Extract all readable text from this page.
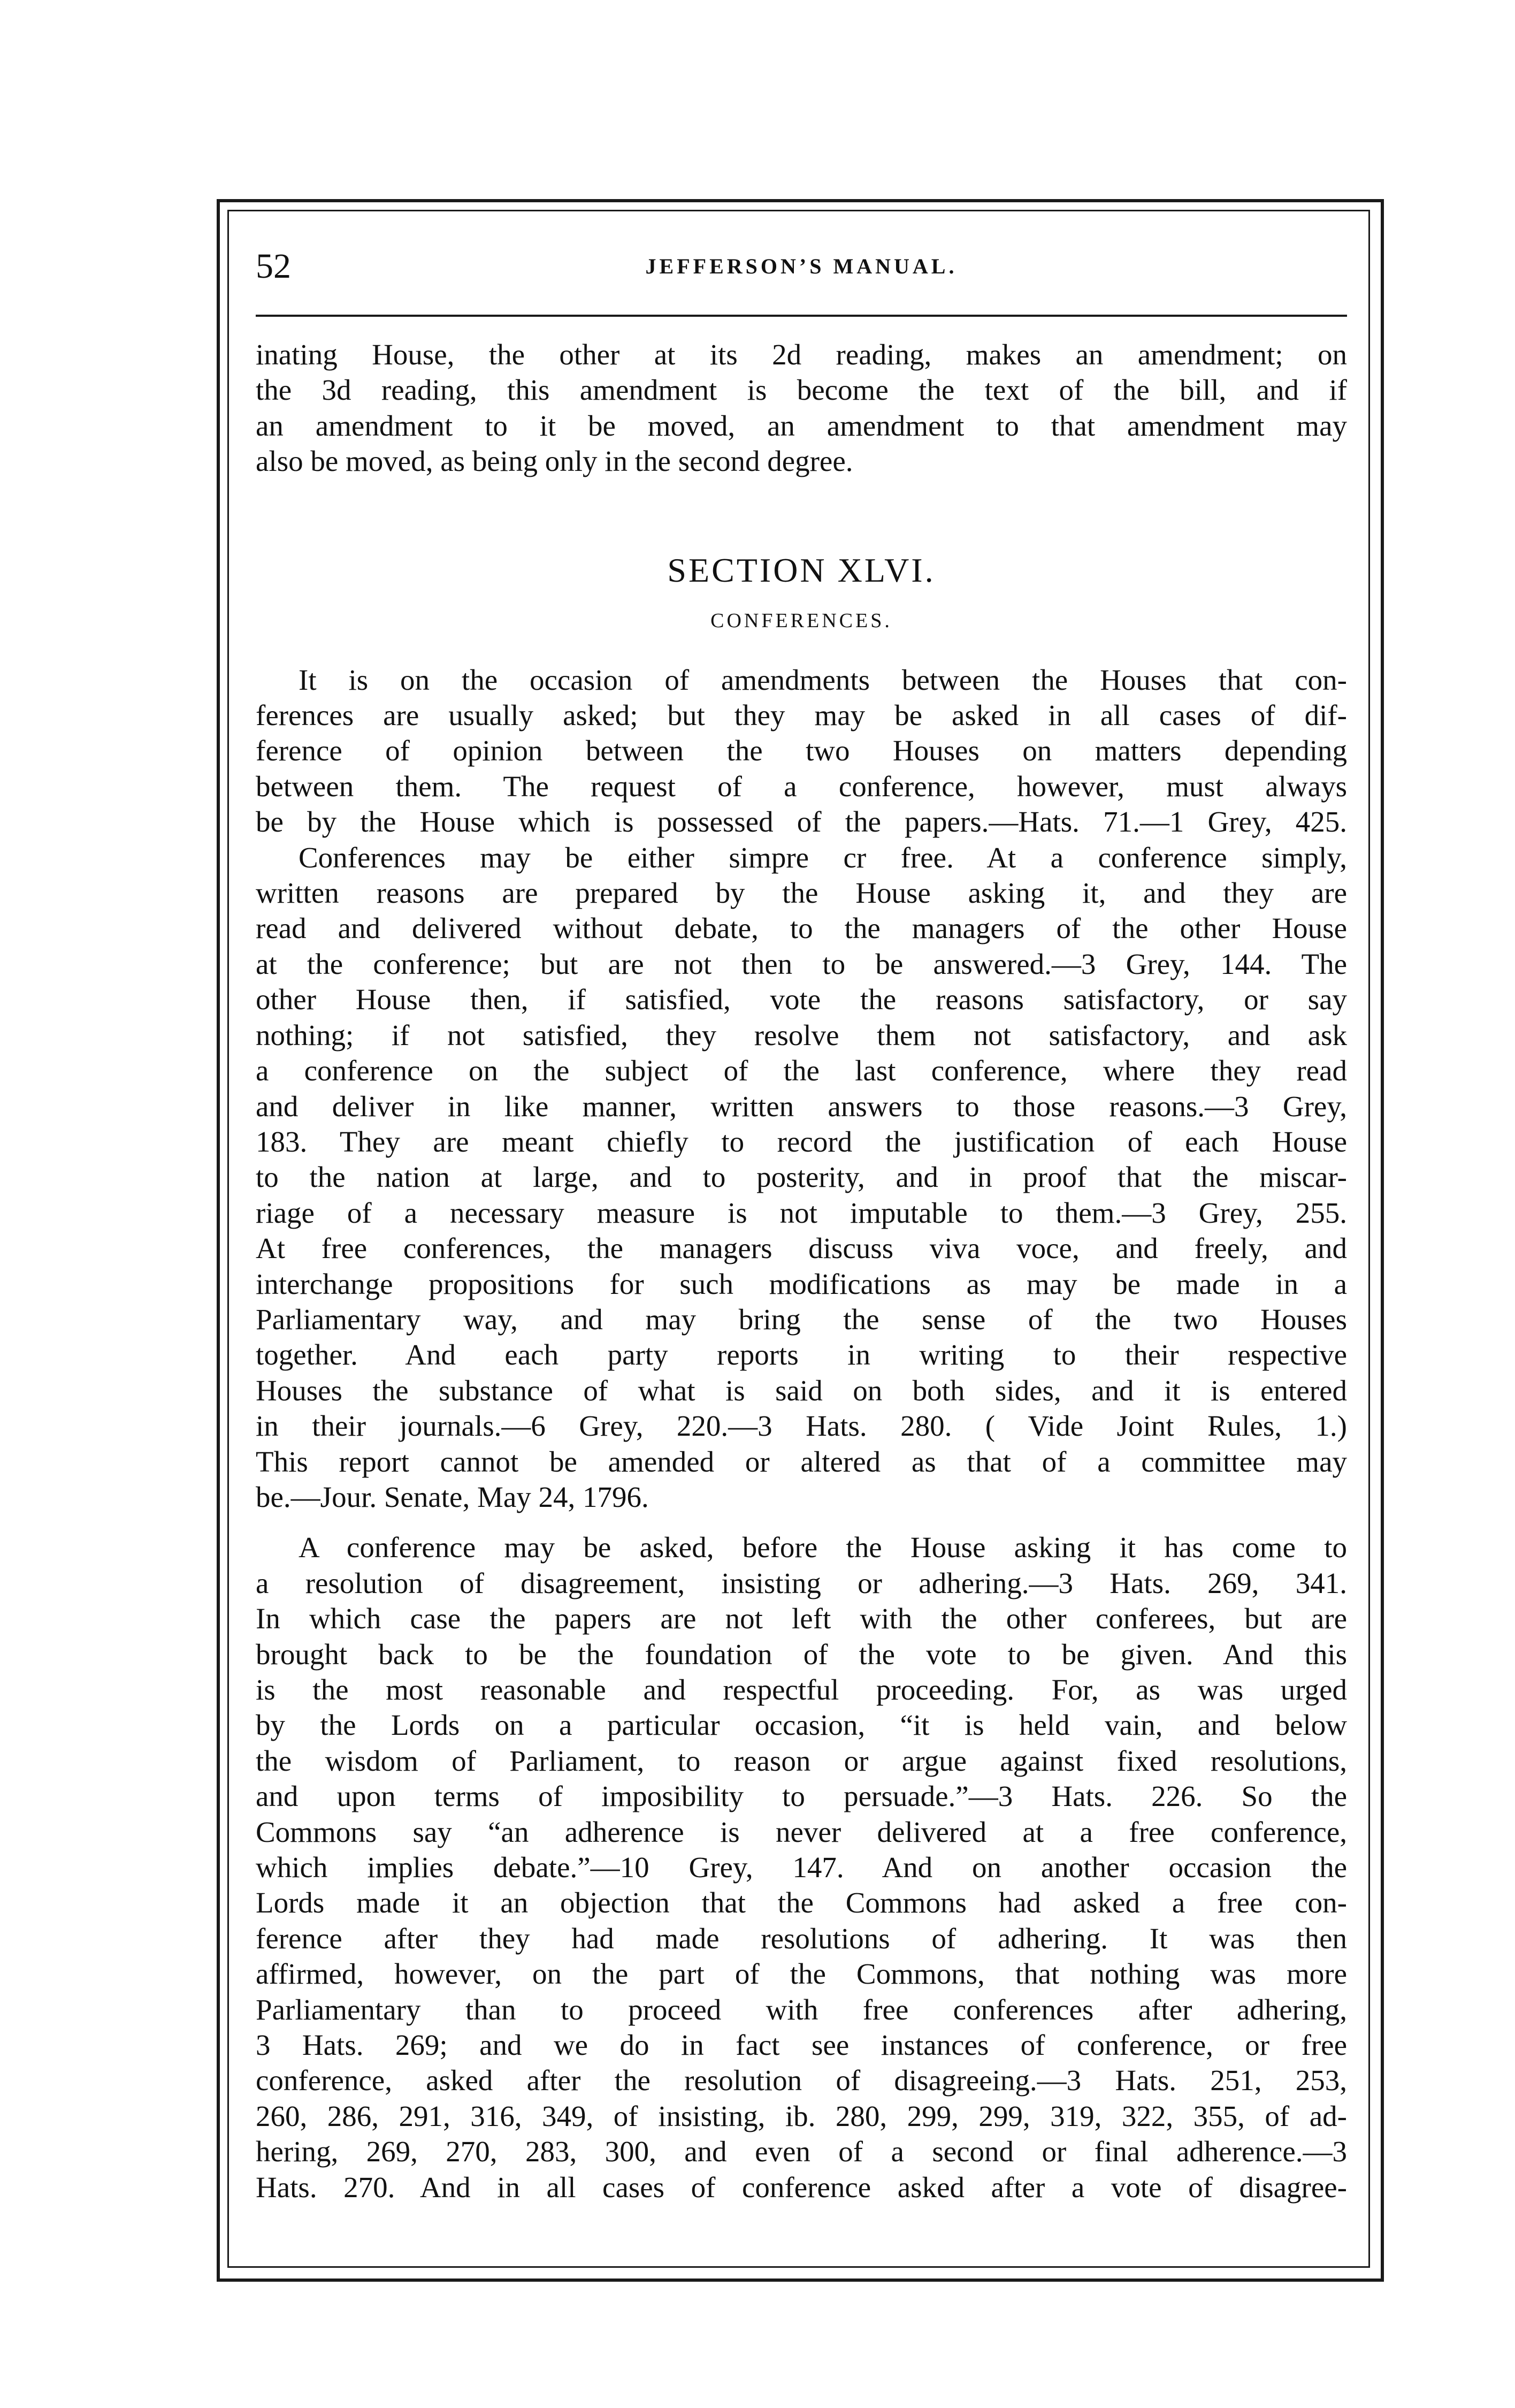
52	JEFFERSON’S MANUAL.

inating House, the other at its 2d reading, makes an amendment; on

the 3d reading, this amendment is become the text of the bill, and if

an amendment to it be moved, an amendment to that amendment may

also be moved, as being only in the second degree.

SECTION XLVI.
CONFERENCES.

It is on the occasion of amendments between the Houses that con-

ferences are usually asked; but they may be asked in all cases of dif-

ference of opinion between the two Houses on matters depending

between them. The request of a conference, however, must always

be by the House which is possessed of the papers.—Hats. 71.—1 Grey, 425.

Conferences may be either simpre cr free. At a conference simply,

written reasons are prepared by the House asking it, and they are

read and delivered without debate, to the managers of the other House

at the conference; but are not then to be answered.—3 Grey, 144. The

other House then, if satisfied, vote the reasons satisfactory, or say

nothing; if not satisfied, they resolve them not satisfactory, and ask

a conference on the subject of the last conference, where they read

and deliver in like manner, written answers to those reasons.—3 Grey,

183. They are meant chiefly to record the justification of each House

to the nation at large, and to posterity, and in proof that the miscar-

riage of a necessary measure is not imputable to them.—3 Grey, 255.

At free conferences, the managers discuss viva voce, and freely, and

interchange propositions for such modifications as may be made in a

Parliamentary way, and may bring the sense of the two Houses

together. And each party reports in writing to their respective

Houses the substance of what is said on both sides, and it is entered

in their journals.—6 Grey, 220.—3 Hats. 280. ( Vide Joint Rules, 1.)

This report cannot be amended or altered as that of a committee may

be.—Jour. Senate, May 24, 1796.

A conference may be asked, before the House asking it has come to

a resolution of disagreement, insisting or adhering.—3 Hats. 269, 341.

In which case the papers are not left with the other conferees, but are

brought back to be the foundation of the vote to be given. And this

is the most reasonable and respectful proceeding. For, as was urged

by the Lords on a particular occasion, “it is held vain, and below

the wisdom of Parliament, to reason or argue against fixed resolutions,

and upon terms of imposibility to persuade.”—3 Hats. 226. So the

Commons say “an adherence is never delivered at a free conference,

which implies debate.”—10 Grey, 147. And on another occasion the

Lords made it an objection that the Commons had asked a free con-

ference after they had made resolutions of adhering. It was then

affirmed, however, on the part of the Commons, that nothing was more

Parliamentary than to proceed with free conferences after adhering,

3 Hats. 269; and we do in fact see instances of conference, or free

conference, asked after the resolution of disagreeing.—3 Hats. 251, 253,

260, 286, 291, 316, 349, of insisting, ib. 280, 299, 299, 319, 322, 355, of ad-

hering, 269, 270, 283, 300, and even of a second or final adherence.—3

Hats. 270. And in all cases of conference asked after a vote of disagree-
